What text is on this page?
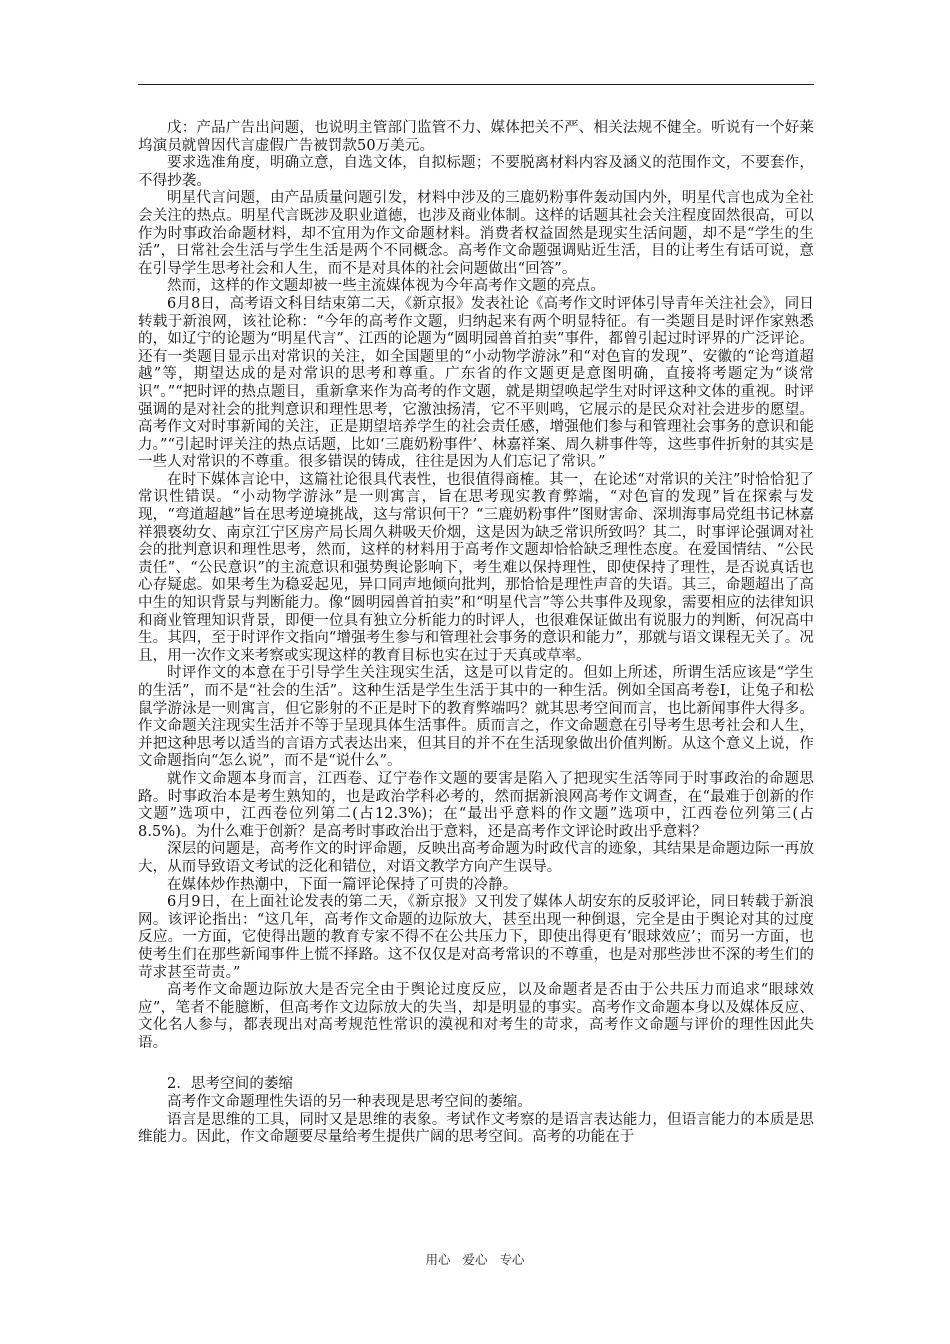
戊：产品广告出问题，也说明主管部门监管不力、媒体把关不严、相关法规不健全。听说有一个好莱坞演员就曾因代言虚假广告被罚款50万美元。

要求选准角度，明确立意，自选文体，自拟标题；不要脱离材料内容及涵义的范围作文，不要套作，不得抄袭。

明星代言问题，由产品质量问题引发，材料中涉及的三鹿奶粉事件轰动国内外，明星代言也成为全社会关注的热点。明星代言既涉及职业道德，也涉及商业体制。这样的话题其社会关注程度固然很高，可以作为时事政治命题材料，却不宜用为作文命题材料。消费者权益固然是现实生活问题，却不是“学生的生活”，日常社会生活与学生生活是两个不同概念。高考作文命题强调贴近生活，目的让考生有话可说，意在引导学生思考社会和人生，而不是对具体的社会问题做出“回答”。

然而，这样的作文题却被一些主流媒体视为今年高考作文题的亮点。

6月8日，高考语文科目结束第二天，《新京报》发表社论《高考作文时评体引导青年关注社会》，同日转载于新浪网，该社论称：“今年的高考作文题，归纳起来有两个明显特征。有一类题目是时评作家熟悉的，如辽宁的论题为“明星代言”、江西的论题为“圆明园兽首拍卖”事件，都曾引起过时评界的广泛评论。还有一类题目显示出对常识的关注，如全国题里的“小动物学游泳”和“对色盲的发现”、安徽的“论弯道超越”等，期望达成的是对常识的思考和尊重。广东省的作文题更是意图明确，直接将考题定为“谈常识”。”“把时评的热点题目，重新拿来作为高考的作文题，就是期望唤起学生对时评这种文体的重视。时评强调的是对社会的批判意识和理性思考，它激浊扬清，它不平则鸣，它展示的是民众对社会进步的愿望。高考作文对时事新闻的关注，正是期望培养学生的社会责任感，增强他们参与和管理社会事务的意识和能力。”“引起时评关注的热点话题，比如‘三鹿奶粉事件’、林嘉祥案、周久耕事件等，这些事件折射的其实是一些人对常识的不尊重。很多错误的铸成，往往是因为人们忘记了常识。”

在时下媒体言论中，这篇社论很具代表性，也很值得商榷。其一，在论述“对常识的关注”时恰恰犯了常识性错误。“小动物学游泳”是一则寓言，旨在思考现实教育弊端，“对色盲的发现”旨在探索与发现，“弯道超越”旨在思考逆境挑战，这与常识何干？“三鹿奶粉事件”图财害命、深圳海事局党组书记林嘉祥猥亵幼女、南京江宁区房产局长周久耕吸天价烟，这是因为缺乏常识所致吗？其二，时事评论强调对社会的批判意识和理性思考，然而，这样的材料用于高考作文题却恰恰缺乏理性态度。在爱国情结、“公民责任”、“公民意识”的主流意识和强势舆论影响下，考生难以保持理性，即使保持了理性，是否说真话也心存疑虑。如果考生为稳妥起见，异口同声地倾向批判，那恰恰是理性声音的失语。其三，命题超出了高中生的知识背景与判断能力。像“圆明园兽首拍卖”和“明星代言”等公共事件及现象，需要相应的法律知识和商业管理知识背景，即便一位具有独立分析能力的时评人，也很难保证做出有说服力的判断，何况高中生。其四，至于时评作文指向“增强考生参与和管理社会事务的意识和能力”，那就与语文课程无关了。况且，用一次作文来考察或实现这样的教育目标也实在过于天真或草率。

时评作文的本意在于引导学生关注现实生活，这是可以肯定的。但如上所述，所谓生活应该是“学生的生活”，而不是“社会的生活”。这种生活是学生生活于其中的一种生活。例如全国高考卷Ⅰ，让兔子和松鼠学游泳是一则寓言，但它影射的不正是时下的教育弊端吗？就其思考空间而言，也比新闻事件大得多。作文命题关注现实生活并不等于呈现具体生活事件。质而言之，作文命题意在引导考生思考社会和人生，并把这种思考以适当的言语方式表达出来，但其目的并不在生活现象做出价值判断。从这个意义上说，作文命题指向“怎么说”，而不是“说什么”。

就作文命题本身而言，江西卷、辽宁卷作文题的要害是陷入了把现实生活等同于时事政治的命题思路。时事政治本是考生熟知的，也是政治学科必考的，然而据新浪网高考作文调查，在“最难于创新的作文题”选项中，江西卷位列第二(占12.3%)；在“最出乎意料的作文题”选项中，江西卷位列第三(占8.5%)。为什么难于创新？是高考时事政治出于意料，还是高考作文评论时政出乎意料？

深层的问题是，高考作文的时评命题，反映出高考命题为时政代言的迹象，其结果是命题边际一再放大，从而导致语文考试的泛化和错位，对语文教学方向产生误导。

在媒体炒作热潮中，下面一篇评论保持了可贵的冷静。

6月9日，在上面社论发表的第二天，《新京报》又刊发了媒体人胡安东的反驳评论，同日转载于新浪网。该评论指出：“这几年，高考作文命题的边际放大，甚至出现一种倒退，完全是由于舆论对其的过度反应。一方面，它使得出题的教育专家不得不在公共压力下，即使出得更有‘眼球效应’；而另一方面，也使考生们在那些新闻事件上慌不择路。这不仅仅是对高考常识的不尊重，也是对那些涉世不深的考生们的苛求甚至苛责。”

高考作文命题边际放大是否完全由于舆论过度反应，以及命题者是否由于公共压力而追求“眼球效应”，笔者不能臆断，但高考作文边际放大的失当，却是明显的事实。高考作文命题本身以及媒体反应、文化名人参与，都表现出对高考规范性常识的漠视和对考生的苛求，高考作文命题与评价的理性因此失语。

2．思考空间的萎缩

高考作文命题理性失语的另一种表现是思考空间的萎缩。

语言是思维的工具，同时又是思维的表象。考试作文考察的是语言表达能力，但语言能力的本质是思维能力。因此，作文命题要尽量给考生提供广阔的思考空间。高考的功能在于

用心 爱心 专心
